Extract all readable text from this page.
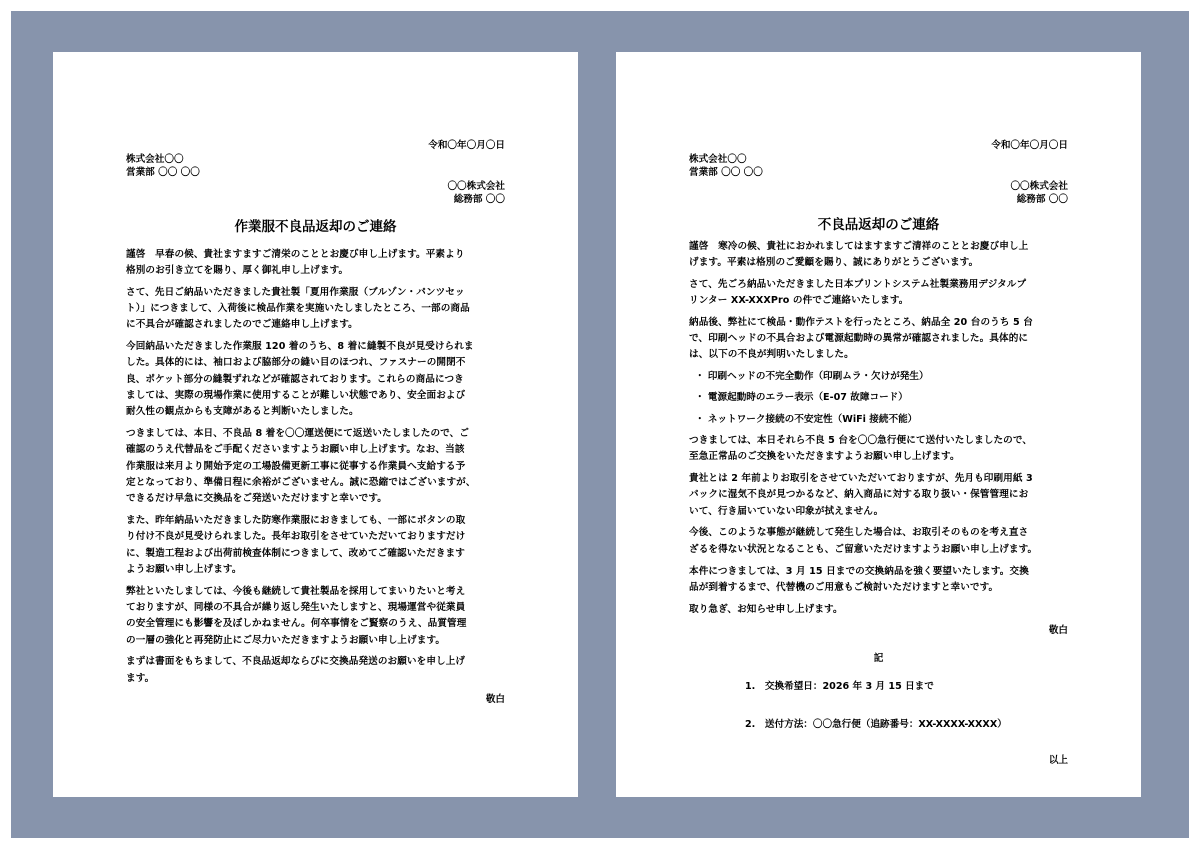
令和〇年〇月〇日
株式会社〇〇
営業部 〇〇 〇〇
〇〇株式会社
総務部 〇〇
作業服不良品返却のご連絡
謹啓　早春の候、貴社ますますご清栄のこととお慶び申し上げます。平素より
格別のお引き立てを賜り、厚く御礼申し上げます。
さて、先日ご納品いただきました貴社製「夏用作業服（ブルゾン・パンツセッ
ト）」につきまして、入荷後に検品作業を実施いたしましたところ、一部の商品
に不具合が確認されましたのでご連絡申し上げます。
今回納品いただきました作業服 120 着のうち、8 着に縫製不良が見受けられま
した。具体的には、袖口および脇部分の縫い目のほつれ、ファスナーの開閉不
良、ポケット部分の縫製ずれなどが確認されております。これらの商品につき
ましては、実際の現場作業に使用することが難しい状態であり、安全面および
耐久性の観点からも支障があると判断いたしました。
つきましては、本日、不良品 8 着を〇〇運送便にて返送いたしましたので、ご
確認のうえ代替品をご手配くださいますようお願い申し上げます。なお、当該
作業服は来月より開始予定の工場設備更新工事に従事する作業員へ支給する予
定となっており、準備日程に余裕がございません。誠に恐縮ではございますが、
できるだけ早急に交換品をご発送いただけますと幸いです。
また、昨年納品いただきました防寒作業服におきましても、一部にボタンの取
り付け不良が見受けられました。長年お取引をさせていただいておりますだけ
に、製造工程および出荷前検査体制につきまして、改めてご確認いただきます
ようお願い申し上げます。
弊社といたしましては、今後も継続して貴社製品を採用してまいりたいと考え
ておりますが、同様の不具合が繰り返し発生いたしますと、現場運営や従業員
の安全管理にも影響を及ぼしかねません。何卒事情をご賢察のうえ、品質管理
の一層の強化と再発防止にご尽力いただきますようお願い申し上げます。
まずは書面をもちまして、不良品返却ならびに交換品発送のお願いを申し上げ
ます。
敬白
令和〇年〇月〇日
株式会社〇〇
営業部 〇〇 〇〇
〇〇株式会社
総務部 〇〇
不良品返却のご連絡
謹啓　寒冷の候、貴社におかれましてはますますご清祥のこととお慶び申し上
げます。平素は格別のご愛顧を賜り、誠にありがとうございます。
さて、先ごろ納品いただきました日本プリントシステム社製業務用デジタルプ
リンター XX-XXXPro の件でご連絡いたします。
納品後、弊社にて検品・動作テストを行ったところ、納品全 20 台のうち 5 台
で、印刷ヘッドの不具合および電源起動時の異常が確認されました。具体的に
は、以下の不良が判明いたしました。
・ 印刷ヘッドの不完全動作（印刷ムラ・欠けが発生）
・ 電源起動時のエラー表示（E-07 故障コード）
・ ネットワーク接続の不安定性（WiFi 接続不能）
つきましては、本日それら不良 5 台を〇〇急行便にて送付いたしましたので、
至急正常品のご交換をいただきますようお願い申し上げます。
貴社とは 2 年前よりお取引をさせていただいておりますが、先月も印刷用紙 3
パックに湿気不良が見つかるなど、納入商品に対する取り扱い・保管管理にお
いて、行き届いていない印象が拭えません。
今後、このような事態が継続して発生した場合は、お取引そのものを考え直さ
ざるを得ない状況となることも、ご留意いただけますようお願い申し上げます。
本件につきましては、3 月 15 日までの交換納品を強く要望いたします。交換
品が到着するまで、代替機のご用意もご検討いただけますと幸いです。
取り急ぎ、お知らせ申し上げます。
敬白
記
1.　交換希望日：2026 年 3 月 15 日まで
2.　送付方法：〇〇急行便（追跡番号：XX-XXXX-XXXX）
以上
